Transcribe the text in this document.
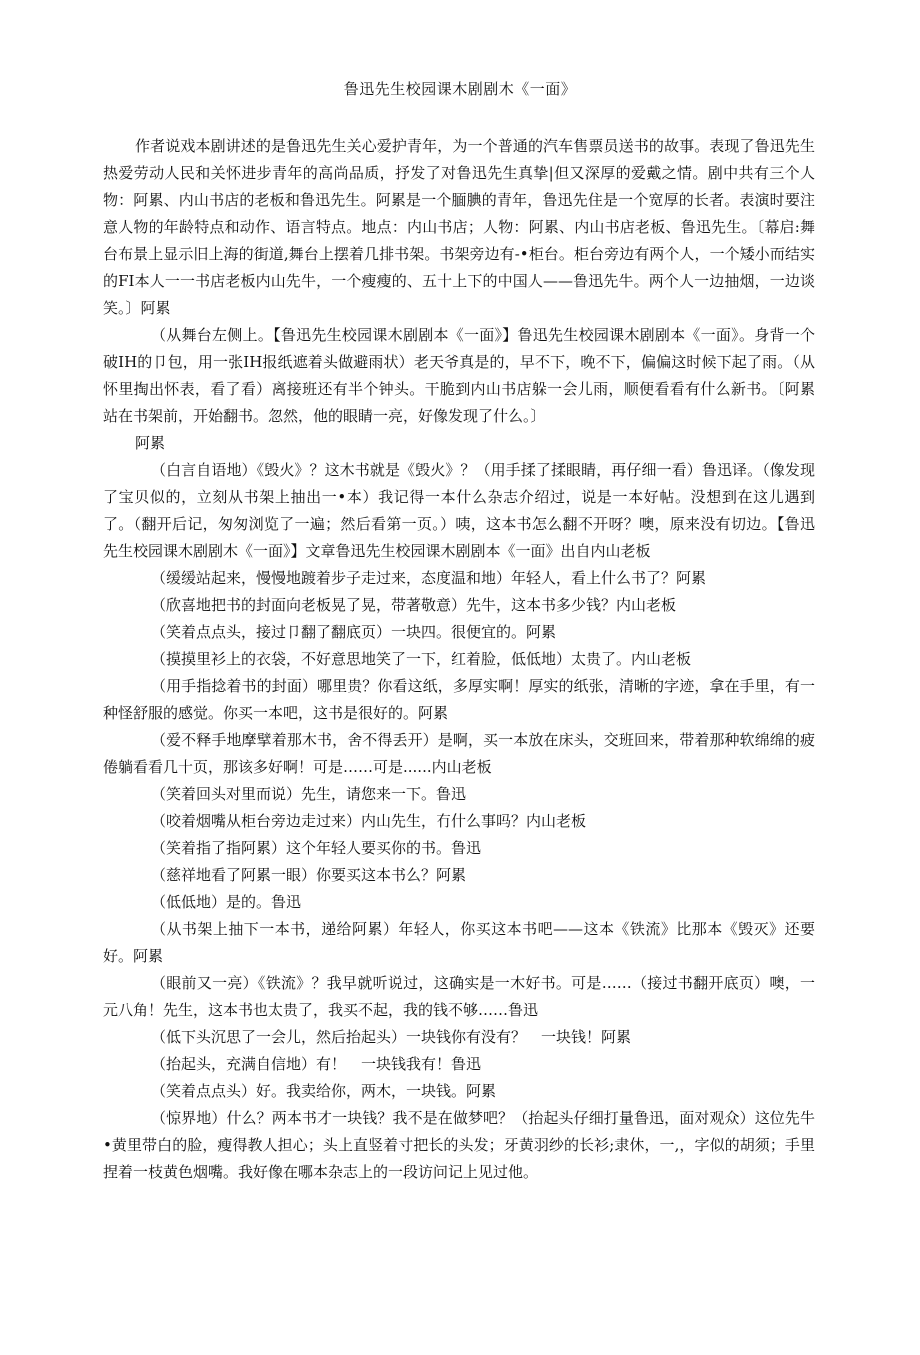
鲁迅先生校园课木剧剧木《一面》

作者说戏本剧讲述的是鲁迅先生关心爱护青年，为一个普通的汽车售票员送书的故事。表现了鲁迅先生热爱劳动人民和关怀进步青年的高尚品质，抒发了对鲁迅先生真挚|但又深厚的爱戴之情。剧中共有三个人物：阿累、内山书店的老板和鲁迅先生。阿累是一个腼腆的青年，鲁迅先住是一个宽厚的长者。表演时要注意人物的年龄特点和动作、语言特点。地点：内山书店；人物：阿累、内山书店老板、鲁迅先生。〔幕启:舞台布景上显示旧上海的街道,舞台上摆着几排书架。书架旁边有-•柜台。柜台旁边有两个人，一个矮小而结实的FI本人一一书店老板内山先牛，一个瘦瘦的、五十上下的中国人——鲁迅先牛。两个人一边抽烟，一边谈笑。〕阿累

（从舞台左侧上。【鲁迅先生校园课木剧剧本《一面》】鲁迅先生校园课木剧剧本《一面》。身背一个破IH的卩包，用一张IH报纸遮着头做避雨状）老天爷真是的，早不下，晚不下，偏偏这时候下起了雨。（从怀里掏出怀表，看了看）离接班还有半个钟头。干脆到内山书店躲一会儿雨，顺便看看有什么新书。〔阿累站在书架前，开始翻书。忽然，他的眼睛一亮，好像发现了什么。〕

阿累

（白言自语地）《毁火》？这木书就是《毁火》？（用手揉了揉眼睛，再仔细一看）鲁迅译。（像发现了宝贝似的，立刻从书架上抽出一•本）我记得一本什么杂志介绍过，说是一本好帖。没想到在这儿遇到了。（翻开后记，匆匆浏览了一遍；然后看第一页。）咦，这本书怎么翻不开呀？噢，原来没有切边。【鲁迅先生校园课木剧剧木《一面》】文章鲁迅先生校园课木剧剧本《一面》出自内山老板

（缓缓站起来，慢慢地踱着步子走过来，态度温和地）年轻人，看上什么书了？阿累

（欣喜地把书的封面向老板晃了晃，带著敬意）先牛，这本书多少钱？内山老板

（笑着点点头，接过卩翻了翻底页）一块四。很便宜的。阿累

（摸摸里衫上的衣袋，不好意思地笑了一下，红着脸，低低地）太贵了。内山老板

（用手指捻着书的封面）哪里贵？你看这纸，多厚实啊！厚实的纸张，清晰的字迹，拿在手里，有一种怪舒服的感觉。你买一本吧，这书是很好的。阿累

（爱不释手地摩擘着那木书，舍不得丢开）是啊，买一本放在床头，交班回来，带着那种软绵绵的疲倦躺看看几十页，那该多好啊！可是……可是......内山老板

（笑着回头对里而说）先生，请您来一下。鲁迅

（咬着烟嘴从柜台旁边走过来）内山先生，冇什么事吗？内山老板

（笑着指了指阿累）这个年轻人要买你的书。鲁迅

（慈祥地看了阿累一眼）你要买这本书么？阿累

（低低地）是的。鲁迅

（从书架上抽下一本书，递给阿累）年轻人，你买这本书吧——这本《铁流》比那本《毁灭》还要好。阿累

（眼前又一亮）《铁流》？我早就听说过，这确实是一木好书。可是……（接过书翻开底页）噢，一元八角！先生，这本书也太贵了，我买不起，我的钱不够……鲁迅

（低下头沉思了一会儿，然后抬起头）一块钱你有没有？　一块钱！阿累

（抬起头，充满自信地）有！　一块钱我有！鲁迅

（笑着点点头）好。我卖给你，两木，一块钱。阿累

（惊界地）什么？两本书才一块钱？我不是在做梦吧？（抬起头仔细打量鲁迅，面对观众）这位先牛•黄里带白的脸，瘦得教人担心；头上直竖着寸把长的头发；牙黄羽纱的长衫;隶休，一,，字似的胡须；手里捏着一枝黄色烟嘴。我好像在哪本杂志上的一段访问记上见过他。
